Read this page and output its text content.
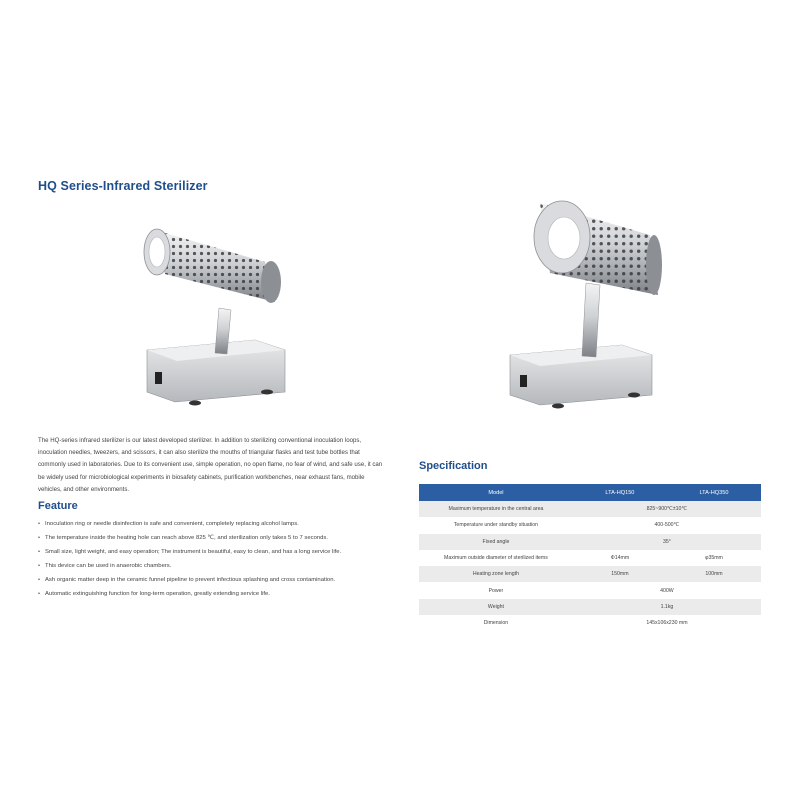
HQ Series-Infrared Sterilizer

The HQ-series infrared sterilizer is our latest developed sterilizer. In addition to sterilizing conventional inoculation loops, inoculation needles, tweezers, and scissors, it can also sterilize the mouths of triangular flasks and test tube bottles that commonly used in laboratories. Due to its convenient use, simple operation, no open flame, no fear of wind, and safe use, it can be widely used for microbiological experiments in biosafety cabinets, purification workbenches, near exhaust fans, mobile vehicles, and other environments.

Feature
• Inoculation ring or needle disinfection is safe and convenient, completely replacing alcohol lamps.
• The temperature inside the heating hole can reach above 825 ℃, and sterilization only takes 5 to 7 seconds.
• Small size, light weight, and easy operation; The instrument is beautiful, easy to clean, and has a long service life.
• This device can be used in anaerobic chambers.
• Ash organic matter deep in the ceramic funnel pipeline to prevent infectious splashing and cross contamination.
• Automatic extinguishing function for long-term operation, greatly extending service life.
Specification
Model	LTA-HQ150	LTA-HQ350
Maximum temperature in the central area	825~900℃±10℃	
Temperature under standby situation	400-500℃	
Fixed angle	35°	
Maximum outside diameter of sterilized items	Φ14mm	φ35mm
Heating zone length	150mm	100mm
Power	400W	
Weight	1.1kg	
Dimension	145x106x230 mm	
